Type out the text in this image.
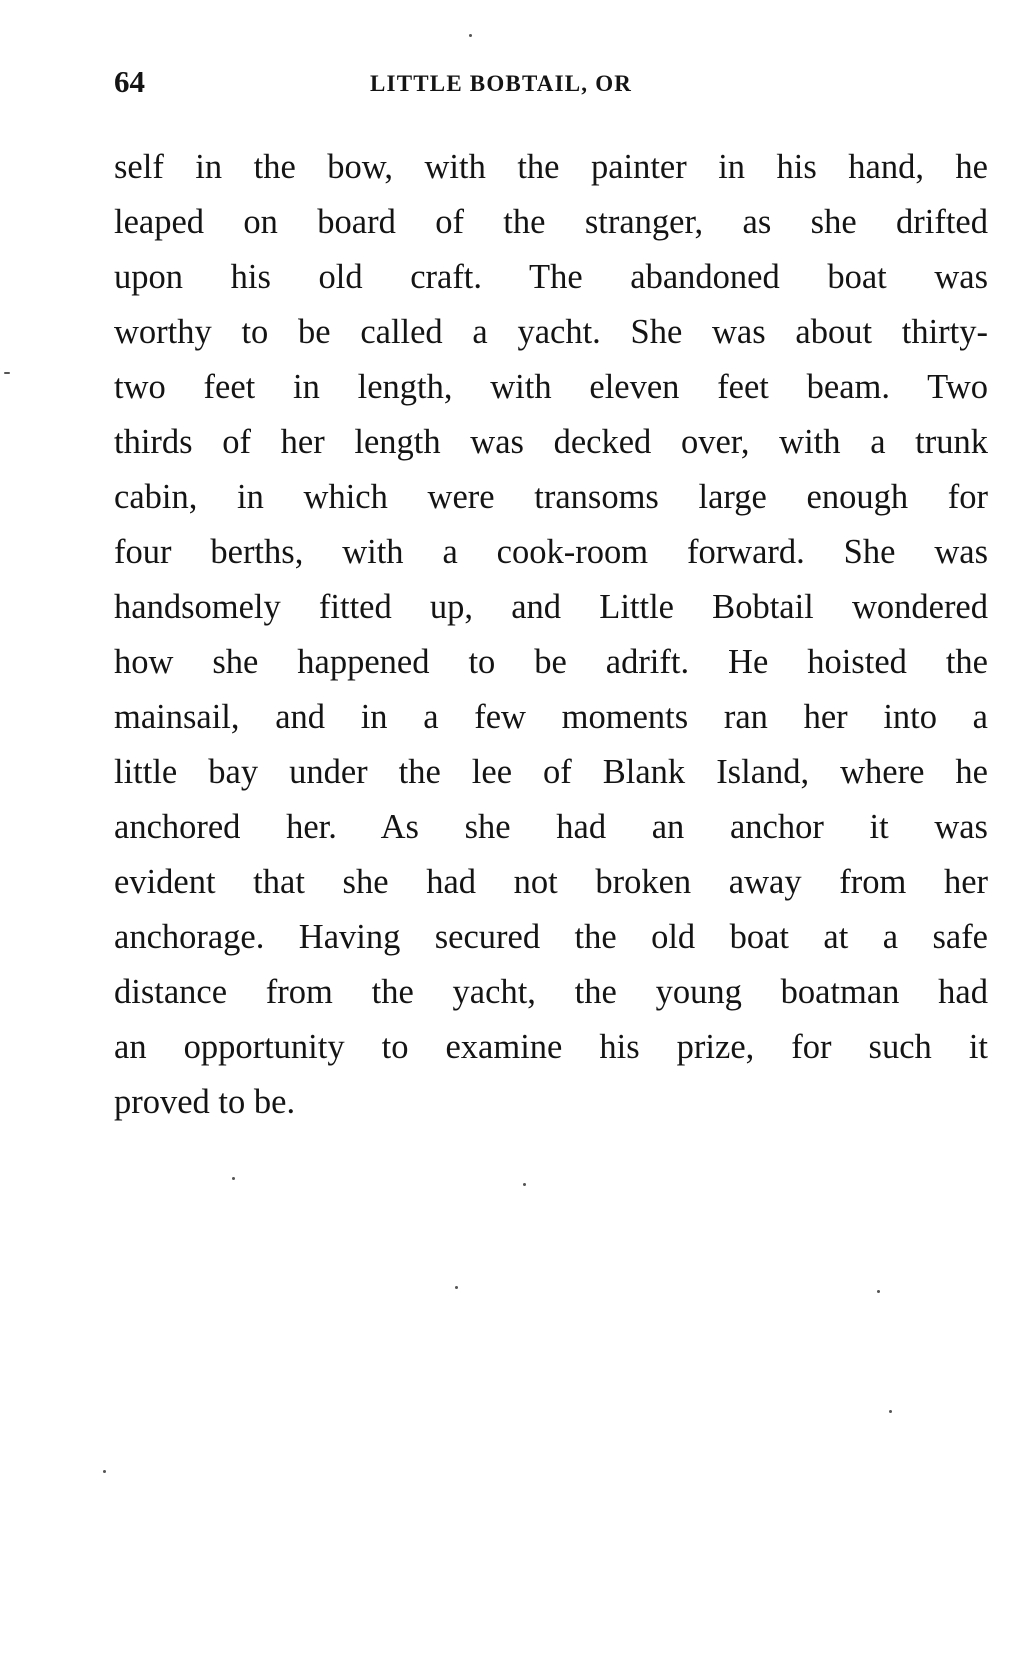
64	LITTLE BOBTAIL, OR
self in the bow, with the painter in his hand, he
leaped on board of the stranger, as she drifted
upon his old craft. The abandoned boat was
worthy to be called a yacht. She was about thirty-
two feet in length, with eleven feet beam. Two
thirds of her length was decked over, with a trunk
cabin, in which were transoms large enough for
four berths, with a cook-room forward. She was
handsomely fitted up, and Little Bobtail wondered
how she happened to be adrift. He hoisted the
mainsail, and in a few moments ran her into a
little bay under the lee of Blank Island, where he
anchored her. As she had an anchor it was
evident that she had not broken away from her
anchorage. Having secured the old boat at a safe
distance from the yacht, the young boatman had
an opportunity to examine his prize, for such it
proved to be.
